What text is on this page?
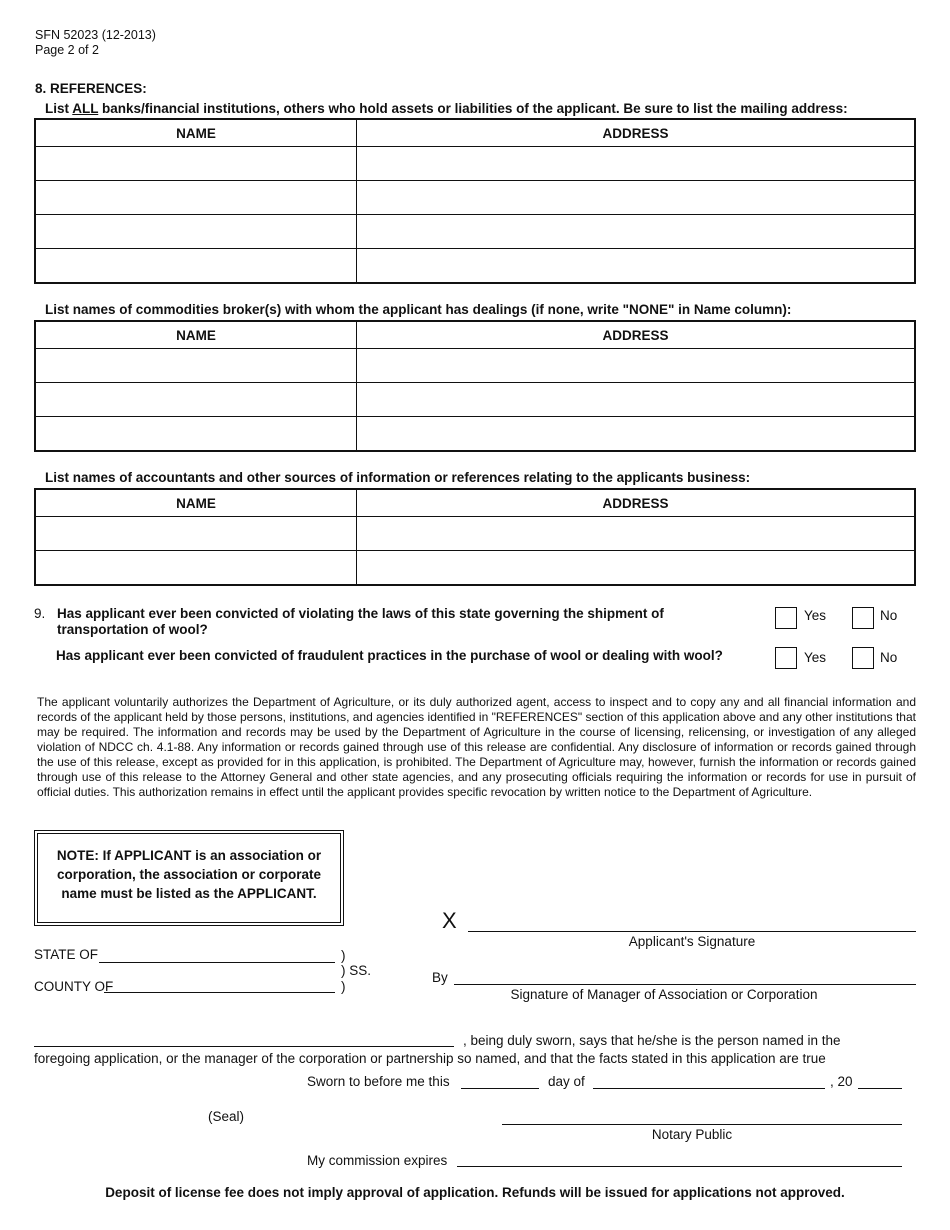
SFN 52023 (12-2013)
Page 2 of 2
8. REFERENCES:
List ALL banks/financial institutions, others who hold assets or liabilities of the applicant. Be sure to list the mailing address:
NAME	ADDRESS

List names of commodities broker(s) with whom the applicant has dealings (if none, write "NONE" in Name column):
NAME	ADDRESS

List names of accountants and other sources of information or references relating to the applicants business:
NAME	ADDRESS

9. Has applicant ever been convicted of violating the laws of this state governing the shipment of transportation of wool?
Yes	No
Has applicant ever been convicted of fraudulent practices in the purchase of wool or dealing with wool?	Yes	No
The applicant voluntarily authorizes the Department of Agriculture, or its duly authorized agent, access to inspect and to copy any and all financial information and records of the applicant held by those persons, institutions, and agencies identified in "REFERENCES" section of this application above and any other institutions that may be required. The information and records may be used by the Department of Agriculture in the course of licensing, relicensing, or investigation of any alleged violation of NDCC ch. 4.1-88. Any information or records gained through use of this release are confidential. Any disclosure of information or records gained through the use of this release, except as provided for in this application, is prohibited. The Department of Agriculture may, however, furnish the information or records gained through use of this release to the Attorney General and other state agencies, and any prosecuting officials requiring the information or records for use in pursuit of official duties. This authorization remains in effect until the applicant provides specific revocation by written notice to the Department of Agriculture.
NOTE: If APPLICANT is an association or corporation, the association or corporate name must be listed as the APPLICANT.
STATE OF	)
) SS.
COUNTY OF	)
X
Applicant's Signature
By
Signature of Manager of Association or Corporation
, being duly sworn, says that he/she is the person named in the
foregoing application, or the manager of the corporation or partnership so named, and that the facts stated in this application are true
Sworn to before me this	day of	, 20
(Seal)
Notary Public
My commission expires
Deposit of license fee does not imply approval of application. Refunds will be issued for applications not approved.
